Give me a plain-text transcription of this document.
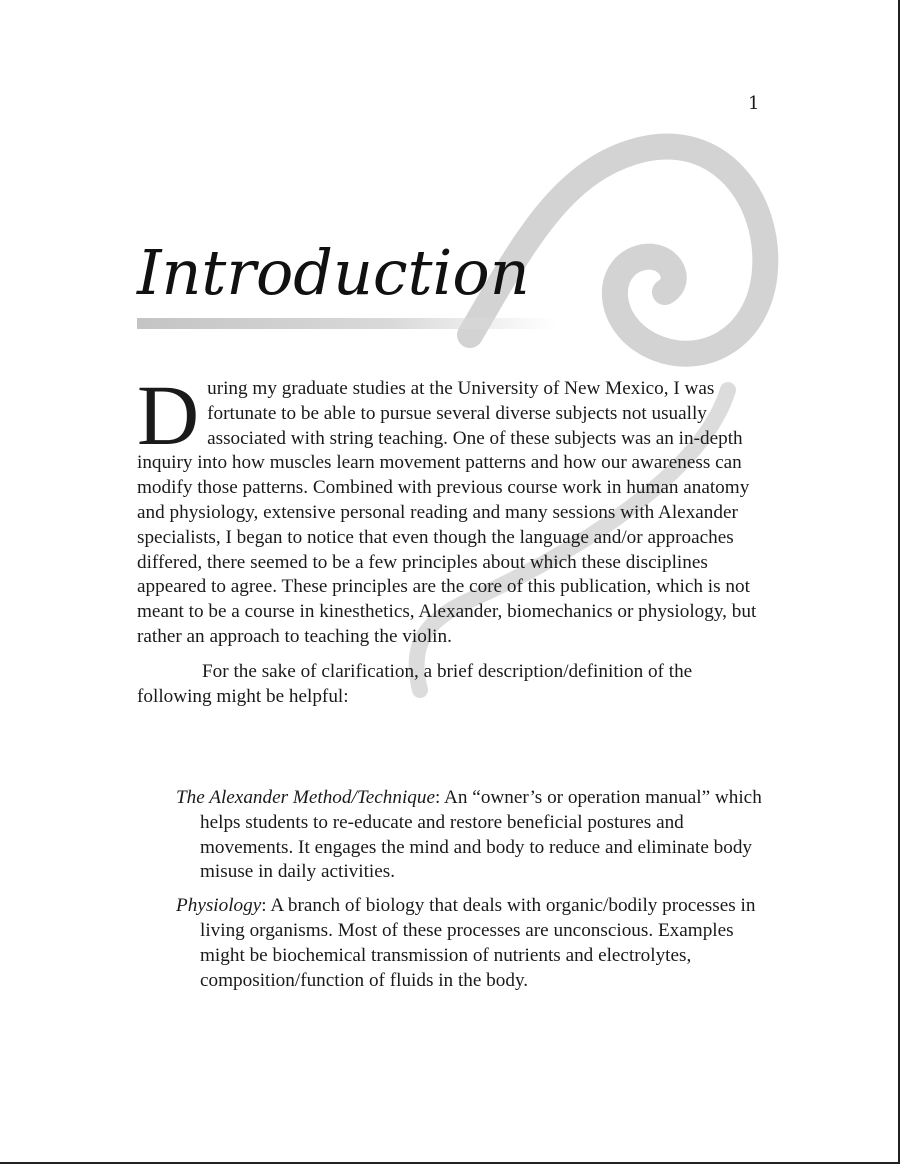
1
Introduction

During my graduate studies at the University of New Mexico, I was fortunate to be able to pursue several diverse subjects not usually associated with string teaching. One of these subjects was an in-depth inquiry into how muscles learn movement patterns and how our awareness can modify those patterns. Combined with previous course work in human anatomy and physiology, extensive personal reading and many sessions with Alexander specialists, I began to notice that even though the language and/or approaches differed, there seemed to be a few principles about which these disciplines appeared to agree. These principles are the core of this publication, which is not meant to be a course in kinesthetics, Alexander, biomechanics or physiology, but rather an approach to teaching the violin.

For the sake of clarification, a brief description/definition of the following might be helpful:

The Alexander Method/Technique: An “owner’s or operation manual” which helps students to re-educate and restore beneficial postures and movements. It engages the mind and body to reduce and eliminate body misuse in daily activities.

Physiology: A branch of biology that deals with organic/bodily processes in living organisms. Most of these processes are unconscious. Examples might be biochemical transmission of nutrients and electrolytes, composition/function of fluids in the body.
